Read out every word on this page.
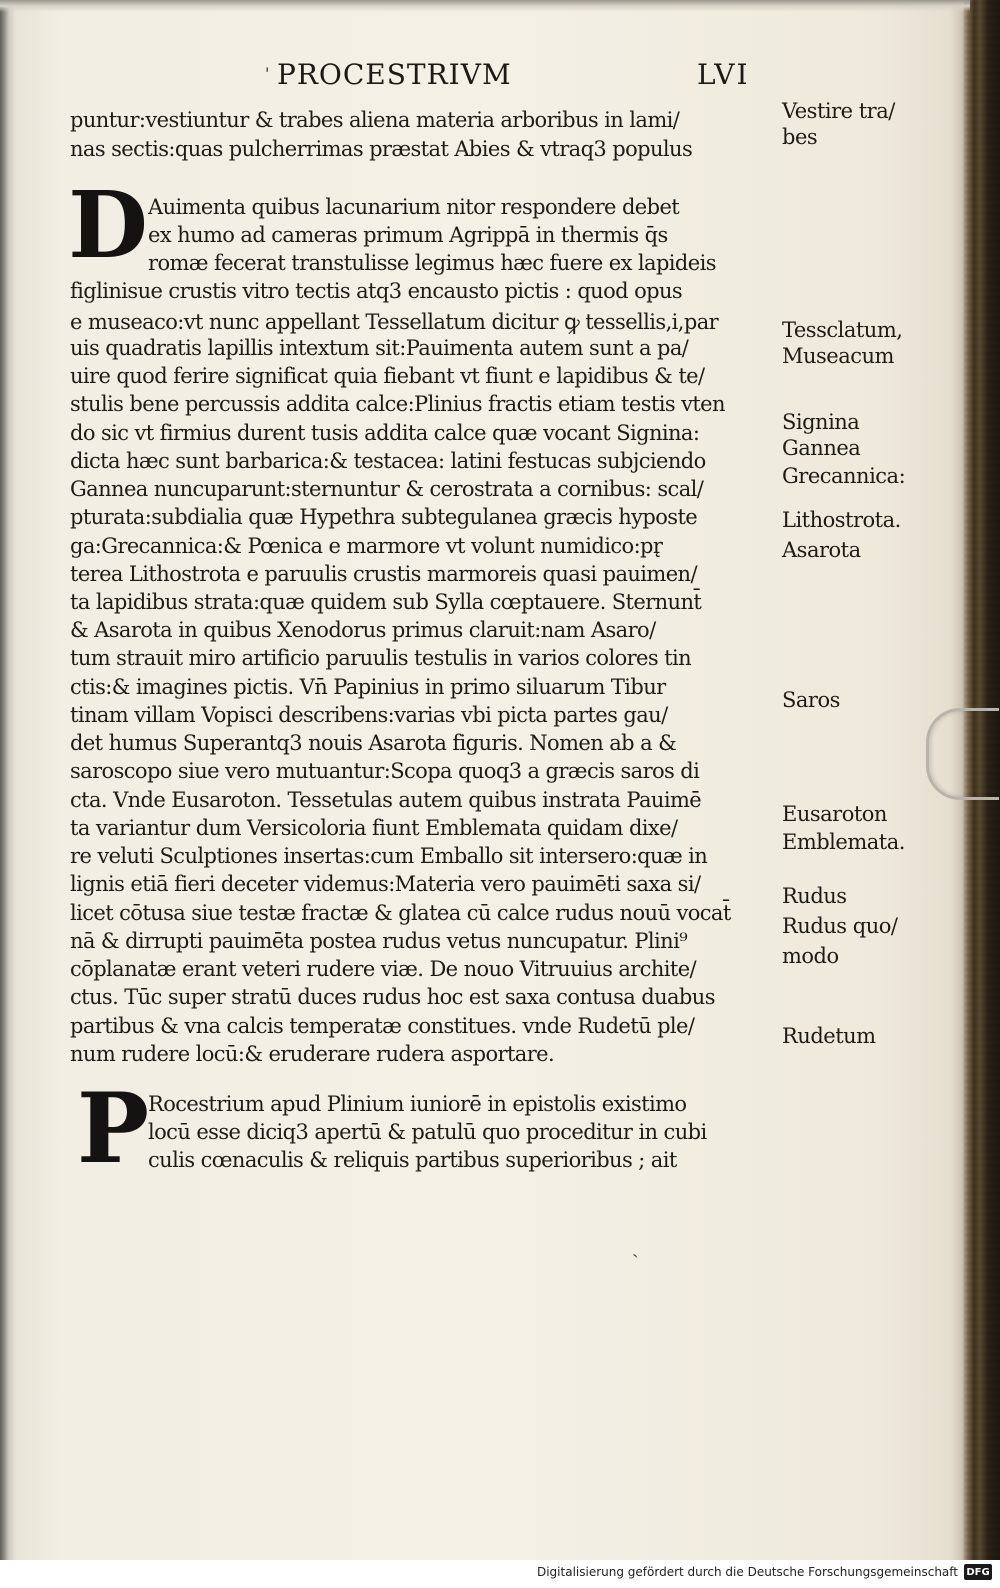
' PROCESTRIVM	LVI
D
P
puntur:vestiuntur & trabes aliena materia arboribus in lami/
nas sectis:quas pulcherrimas præstat Abies & vtraq3 populus
Auimenta quibus lacunarium nitor respondere debet
ex humo ad cameras primum Agrippā in thermis q̄s
romæ fecerat transtulisse legimus hæc fuere ex lapideis
figlinisue crustis vitro tectis atq3 encausto pictis : quod opus
e museaco:vt nunc appellant Tessellatum dicitur ꝙ tessellis,i,par
uis quadratis lapillis intextum sit:Pauimenta autem sunt a pa/
uire quod ferire significat quia fiebant vt fiunt e lapidibus & te/
stulis bene percussis addita calce:Plinius fractis etiam testis vten
do sic vt firmius durent tusis addita calce quæ vocant Signina:
dicta hæc sunt barbarica:& testacea: latini festucas subjciendo
Gannea nuncuparunt:sternuntur & cerostrata a cornibus: scal/
pturata:subdialia quæ Hypethra subtegulanea græcis hyposte
ga:Grecannica:& Pœnica e marmore vt volunt numidico:pr̨
terea Lithostrota e paruulis crustis marmoreis quasi pauimen/
ta lapidibus strata:quæ quidem sub Sylla cœptauere. Sternunt̄
& Asarota in quibus Xenodorus primus claruit:nam Asaro/
tum strauit miro artificio paruulis testulis in varios colores tin
ctis:& imagines pictis. Vn̄ Papinius in primo siluarum Tibur
tinam villam Vopisci describens:varias vbi picta partes gau/
det humus Superantq3 nouis Asarota figuris. Nomen ab a &
saroscopo siue vero mutuantur:Scopa quoq3 a græcis saros di
cta. Vnde Eusaroton. Tessetulas autem quibus instrata Pauimē
ta variantur dum Versicoloria fiunt Emblemata quidam dixe/
re veluti Sculptiones insertas:cum Emballo sit intersero:quæ in
lignis etiā fieri deceter videmus:Materia vero pauimēti saxa si/
licet cōtusa siue testæ fractæ & glatea cū calce rudus nouū vocat̄
nā & dirrupti pauimēta postea rudus vetus nuncupatur. Plini⁹
cōplanatæ erant veteri rudere viæ. De nouo Vitruuius archite/
ctus. Tūc super stratū duces rudus hoc est saxa contusa duabus
partibus & vna calcis temperatæ constitues. vnde Rudetū ple/
num rudere locū:& eruderare rudera asportare.
Rocestrium apud Plinium iuniorē in epistolis existimo
locū esse diciq3 apertū & patulū quo proceditur in cubi
culis cœnaculis & reliquis partibus superioribus ; ait
Vestire tra/
bes
Tessclatum,
Museacum
Signina
Gannea
Grecannica:
Lithostrota.
Asarota
Saros
Eusaroton
Emblemata.
Rudus
Rudus quo/
modo
Rudetum
ˎ
Digitalisierung gefördert durch die Deutsche Forschungsgemeinschaft DFG
